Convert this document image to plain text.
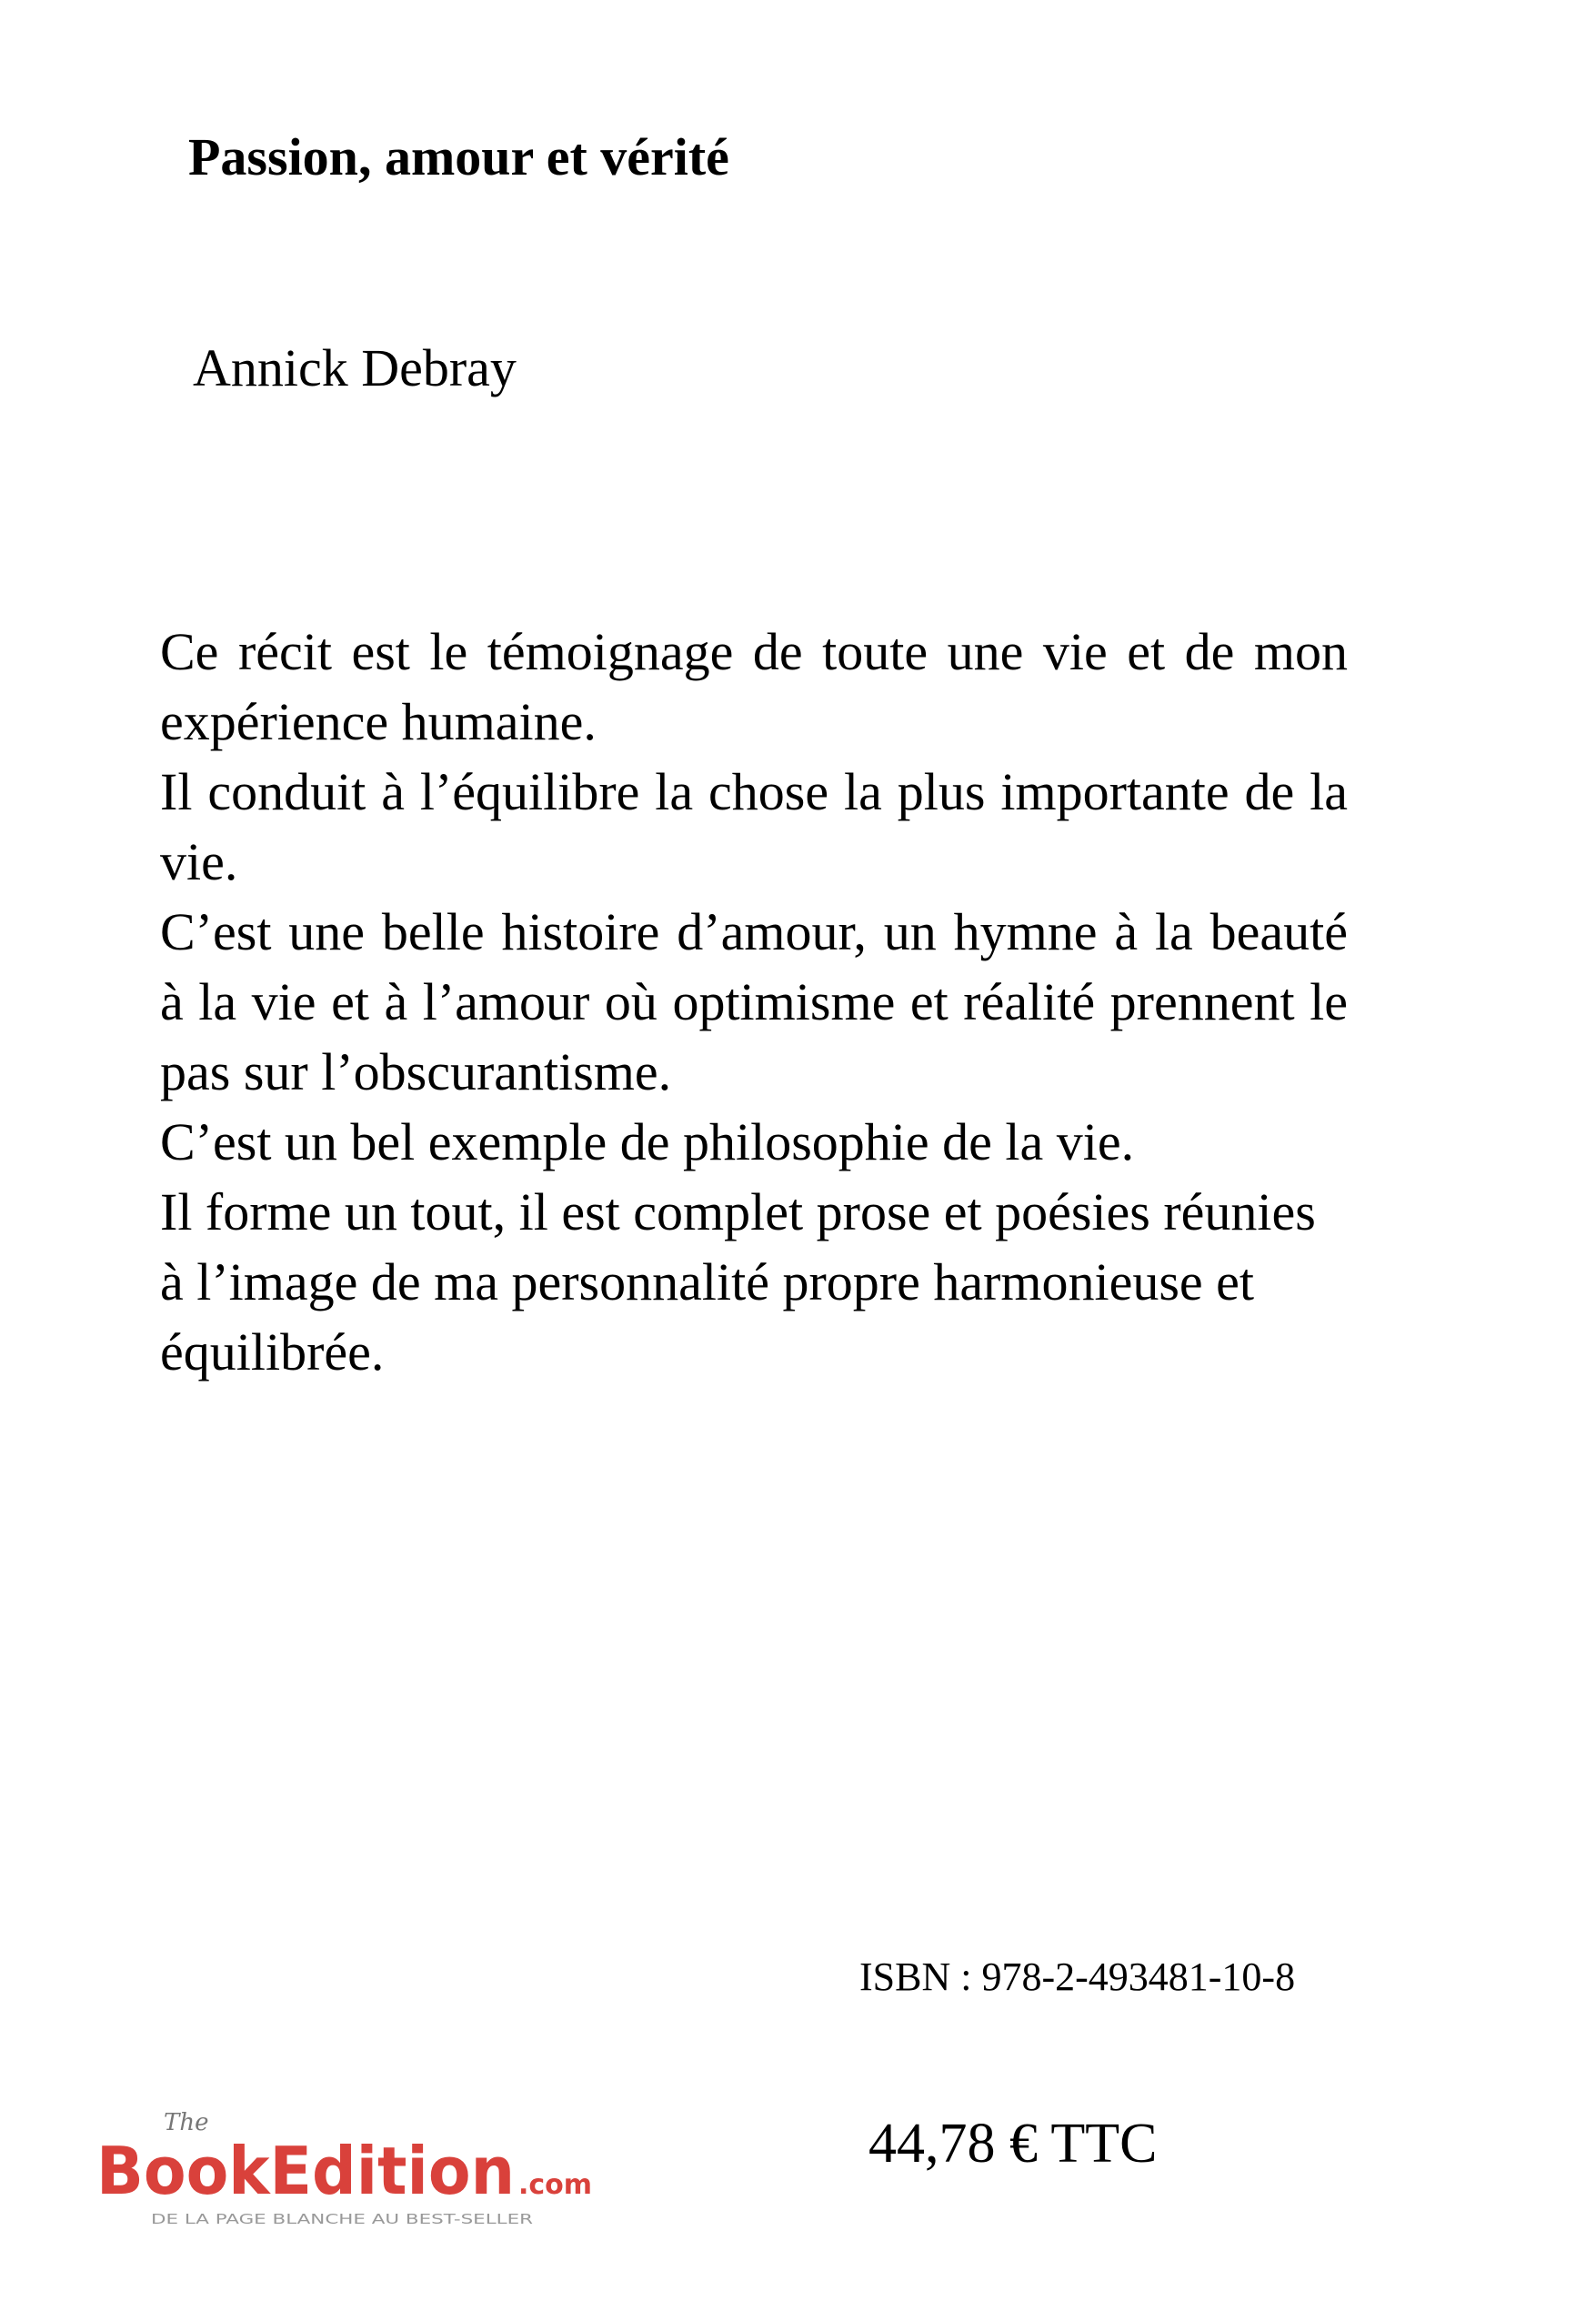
Passion, amour et vérité
Annick Debray

Ce récit est le témoignage de toute une vie et de mon expérience humaine.

Il conduit à l’équilibre la chose la plus importante de la vie.

C’est une belle histoire d’amour, un hymne à la beauté à la vie et à l’amour où optimisme et réalité prennent le pas sur l’obscurantisme.

C’est un bel exemple de philosophie de la vie.

Il forme un tout, il est complet prose et poésies réunies à l’image de ma personnalité propre harmonieuse et équilibrée.

ISBN : 978-2-493481-10-8
44,78 € TTC
The
BookEdition .com
DE LA PAGE BLANCHE AU BEST-SELLER
